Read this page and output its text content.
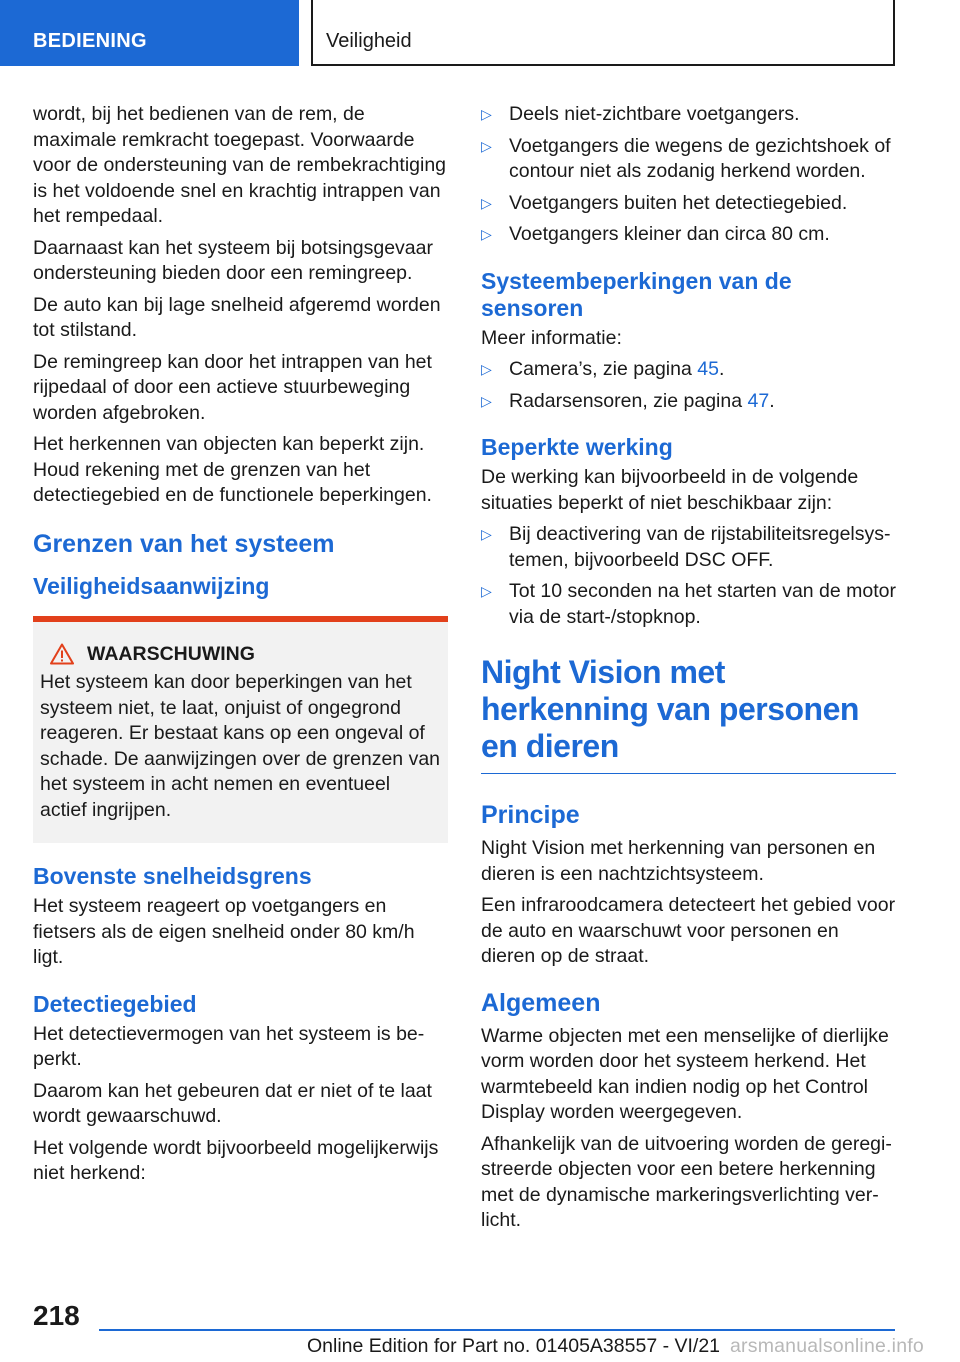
BEDIENING	Veiligheid

wordt, bij het bedienen van de rem, de maximale remkracht toegepast. Voorwaarde voor de ondersteuning van de rembekrachtiging is het voldoende snel en krachtig intrappen van het rempedaal.

Daarnaast kan het systeem bij botsingsgevaar ondersteuning bieden door een remingreep.

De auto kan bij lage snelheid afgeremd worden tot stilstand.

De remingreep kan door het intrappen van het rijpedaal of door een actieve stuurbeweging worden afgebroken.

Het herkennen van objecten kan beperkt zijn. Houd rekening met de grenzen van het detectiegebied en de functionele beperkingen.

Grenzen van het systeem
Veiligheidsaanwijzing
WAARSCHUWING

Het systeem kan door beperkingen van het systeem niet, te laat, onjuist of ongegrond reageren. Er bestaat kans op een ongeval of schade. De aanwijzingen over de grenzen van het systeem in acht nemen en eventueel actief ingrijpen.

Bovenste snelheidsgrens

Het systeem reageert op voetgangers en fietsers als de eigen snelheid onder 80 km/h ligt.

Detectiegebied

Het detectievermogen van het systeem is beperkt.

Daarom kan het gebeuren dat er niet of te laat wordt gewaarschuwd.

Het volgende wordt bijvoorbeeld mogelijkerwijs niet herkend:

▷ Deels niet-zichtbare voetgangers.
▷ Voetgangers die wegens de gezichtshoek of contour niet als zodanig herkend worden.
▷ Voetgangers buiten het detectiegebied.
▷ Voetgangers kleiner dan circa 80 cm.
Systeembeperkingen van de sensoren

Meer informatie:

▷ Camera’s, zie pagina 45.
▷ Radarsensoren, zie pagina 47.
Beperkte werking

De werking kan bijvoorbeeld in de volgende situaties beperkt of niet beschikbaar zijn:

▷ Bij deactivering van de rijstabiliteitsregelsystemen, bijvoorbeeld DSC OFF.
▷ Tot 10 seconden na het starten van de motor via de start-/stopknop.
Night Vision met herkenning van personen en dieren
Principe

Night Vision met herkenning van personen en dieren is een nachtzichtsysteem.

Een infraroodcamera detecteert het gebied voor de auto en waarschuwt voor personen en dieren op de straat.

Algemeen

Warme objecten met een menselijke of dierlijke vorm worden door het systeem herkend. Het warmtebeeld kan indien nodig op het Control Display worden weergegeven.

Afhankelijk van de uitvoering worden de geregistreerde objecten voor een betere herkenning met de dynamische markeringsverlichting verlicht.

218
Online Edition for Part no. 01405A38557 - VI/21 arsmanualsonline.info
